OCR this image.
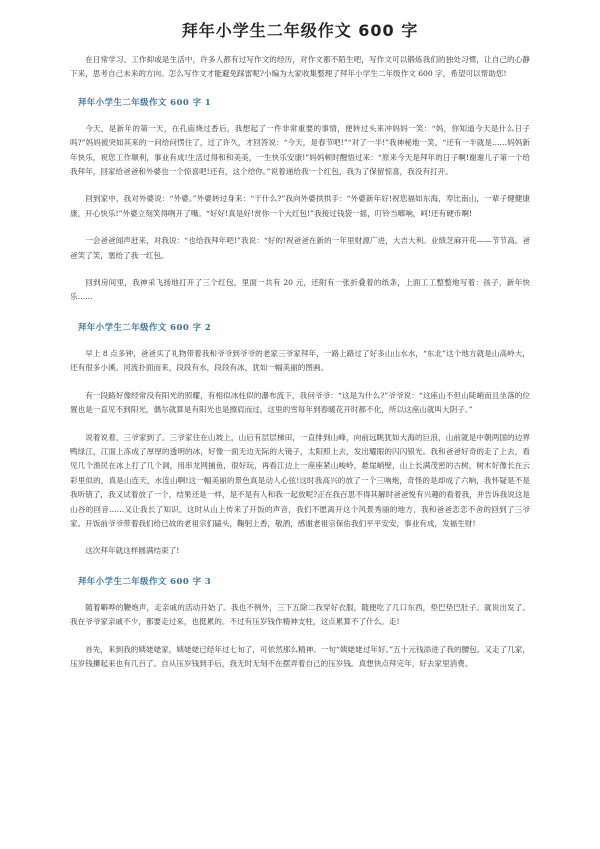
拜年小学生二年级作文 600 字

在日常学习、工作抑或是生活中，许多人都有过写作文的经历，对作文都不陌生吧，写作文可以锻炼我们的独处习惯，让自己的心静下来，思考自己未来的方向。怎么写作文才能避免踩雷呢?小编为大家收集整理了拜年小学生二年级作文 600 字，希望可以帮助您!

拜年小学生二年级作文 600 字 1

今天，是新年的第一天，在孔庙烧过香后，我想起了一件非常重要的事情，便转过头来冲妈妈一笑：“妈，你知道今天是什么日子吗?”妈妈被突如其来的一问给问愣住了，过了许久，才回答说：“今天，是春节吧!”“对了一半!”我神秘地一笑，“还有一半就是……妈妈新年快乐，祝您工作顺利，事业有成!生活过得和和美美，一生快乐安康!”妈妈顿时醒悟过来：“原来今天是拜年的日子啊!谢谢儿子第一个给我拜年，回家给爸爸和外婆也一个惊喜吧!还有，这个给你。”说着递给我一个红包，我为了保留惊喜，我没有打开。

回到家中，我对外婆说：“外婆。”外婆转过身来：“干什么?”我向外婆拱拱手：“外婆新年好!祝您福如东海，寿比南山，一辈子健健康康，开心快乐!”外婆立刻笑得咧开了嘴。“好好!真是好!赏你一个大红包!”我接过钱袋一摇，叮铃当啷响，呵!还有硬币啊!

一会爸爸闻声赶来，对我说：“也给我拜年吧!”我说：“好的!祝爸爸在新的一年里财源广进，大吉大利。业绩芝麻开花——节节高。爸爸笑了笑，塞给了我一红包。

回到房间里，我神采飞扬地打开了三个红包，里面一共有 20 元，还附有一张折叠着的纸条，上面工工整整地写着：孩子，新年快乐……

拜年小学生二年级作文 600 字 2

早上 8 点多钟，爸爸买了礼物带着我和爷爷到爷爷的老家三爷家拜年，一路上路过了好多山山水水，“东北”这个地方就是山高岭大，还有很多小溪。河流扑面而来，段段有水，段段有冰，犹如一幅美丽的图画。

有一段路好像经常没有阳光的照耀，有相似冰柱似的瀑布流下，我问爷爷：“这是为什么?”爷爷说：“这座山不但山陡峭而且坐落的位置也是一直见不到阳光，偶尔就算是有阳光也是擦肩而过，这里的雪每年到春暖花开时都不化，所以这座山就叫大阴子。”

说着说着，三爷家到了。三爷家住在山坡上，山后有层层梯田，一直排到山峰，向前远眺犹如大海的巨浪，山前就是中朝两国的边界鸭绿江，江面上冻成了厚厚的透明的冰，好像一面无边无际的大镜子，太阳照上去，发出耀眼的闪闪银光。我和爸爸好奇的走了上去，看见几个渔民在冰上打了几个洞，用串龙网捕鱼，很好玩，再看江边上一座座紧山峻岭，悬崖峭壁，山上长满茂密的古树，树木好像长在云彩里似的，真是山连天，水连山啊!这一幅美丽的景色真是动人心弦!这时我高兴的放了一个三响炮，奇怪的是却成了六响，我怀疑是不是我听错了，我又试着放了一个，结果还是一样，是不是有人和我一起放呢?正在我百思不得其解时爸爸悦有兴趣的看着我，并告诉我说这是山谷的回音……又让我长了知识。这时从山上传来了开饭的声音，我们不愿离开这个风景秀丽的地方，我和爸爸恋恋不舍的回到了三爷家。开饭前爷爷带着我们给已故的老祖宗们磕头，鞠躬上香，敬酒，感谢老祖宗保佑我们平平安安，事业有成，发福生财!

这次拜年就这样圆满结束了!

拜年小学生二年级作文 600 字 3

随着噼哗的鞭炮声，走亲戚的活动开始了。我也不例外，三下五除二我穿好衣服，随便吃了几口东西，垫巴垫巴肚子。就说出发了。我在爷爷家亲戚不少，都要走过来，也挺累的。不过有压岁钱作精神支柱，这点累算不了什么。走!

首先，来到我的姨姥姥家，姨姥姥已经年过七旬了，可依然那么精神。一句“姨姥姥过年好。”五十元钱添进了我的腰包。又走了几家，压岁钱攥起来也有几百了。自从压岁钱到手后，我无时无刻不在摆弄着自己的压岁钱。真想快点拜完年，好去家里消费。
